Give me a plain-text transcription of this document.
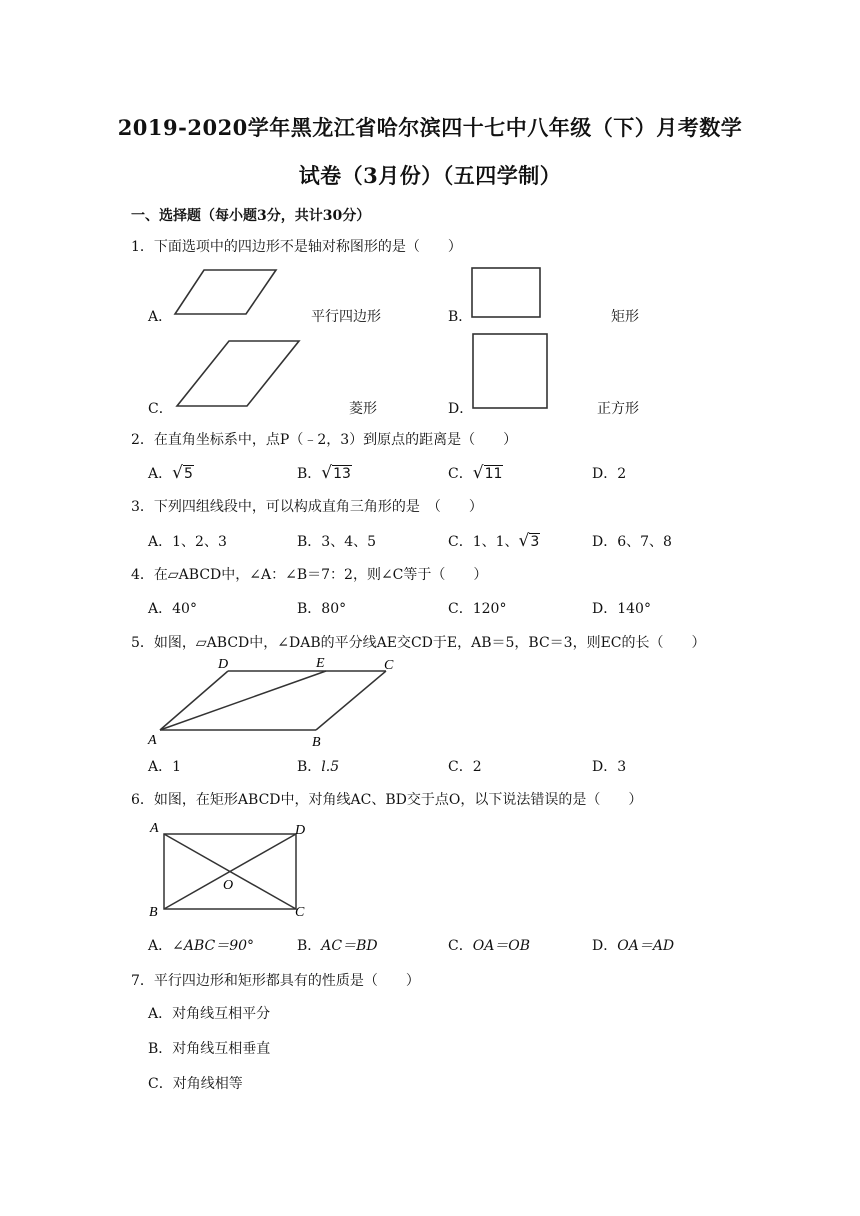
2019-2020学年黑龙江省哈尔滨四十七中八年级（下）月考数学
试卷（3月份）（五四学制）
一、选择题（每小题3分，共计30分）
1．下面选项中的四边形不是轴对称图形的是（　　）
A．	平行四边形	B．	矩形
C．	菱形	D．	正方形
2．在直角坐标系中，点P（﹣2，3）到原点的距离是（　　）
A．√5	B．√13	C．√11	D．2
3．下列四组线段中，可以构成直角三角形的是　（　　）
A．1、2、3	B．3、4、5	C．1、1、√3	D．6、7、8
4．在▱ABCD中，∠A：∠B＝7：2，则∠C等于（　　）
A．40°	B．80°	C．120°	D．140°
5．如图，▱ABCD中，∠DAB的平分线AE交CD于E，AB＝5，BC＝3，则EC的长（　　）
D	E	C
A	B
A．1	B．l.5	C．2	D．3
6．如图，在矩形ABCD中，对角线AC、BD交于点O，以下说法错误的是（　　）
A	D
O
B	C
A．∠ABC＝90°	B．AC＝BD	C．OA＝OB	D．OA＝AD
7．平行四边形和矩形都具有的性质是（　　）
A．对角线互相平分
B．对角线互相垂直
C．对角线相等
